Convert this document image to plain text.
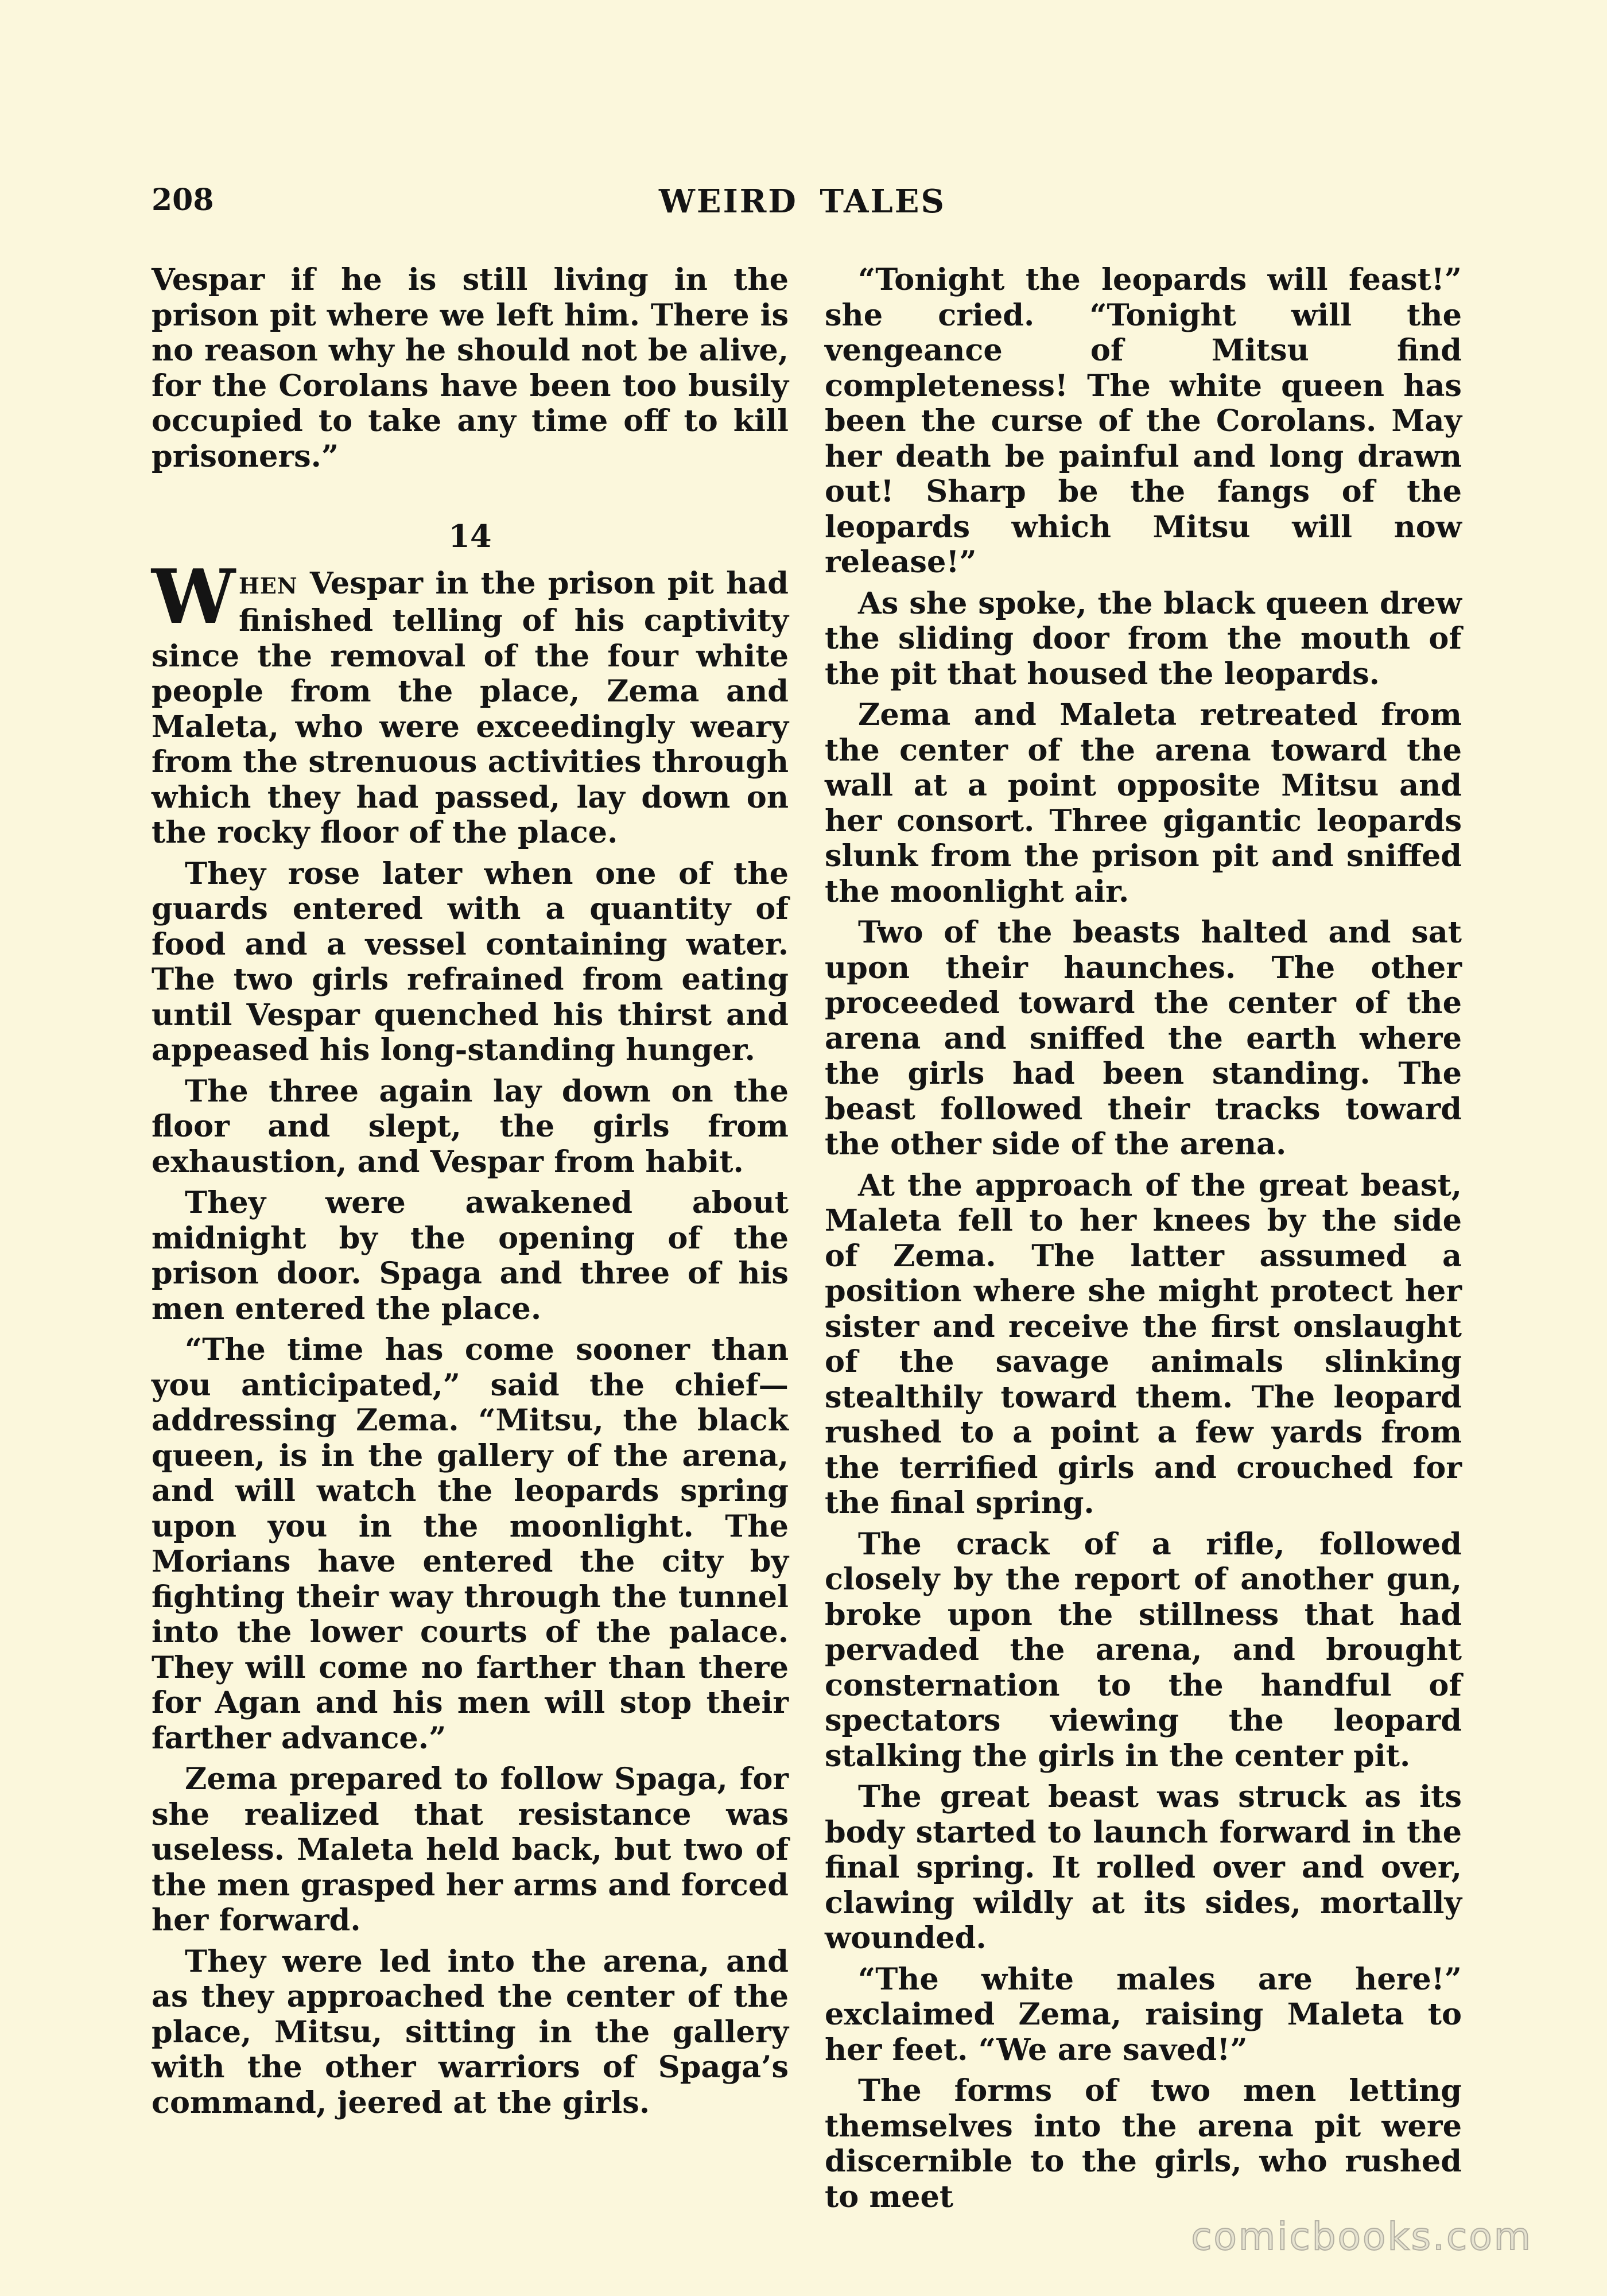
208	WEIRD TALES

Vespar if he is still living in the prison pit where we left him. There is no reason why he should not be alive, for the Corolans have been too busily occupied to take any time off to kill prisoners.”

14

WHEN Vespar in the prison pit had finished telling of his captivity since the removal of the four white people from the place, Zema and Maleta, who were exceedingly weary from the strenuous activities through which they had passed, lay down on the rocky floor of the place.

They rose later when one of the guards entered with a quantity of food and a vessel containing water. The two girls refrained from eating until Vespar quenched his thirst and appeased his long-standing hunger.

The three again lay down on the floor and slept, the girls from exhaustion, and Vespar from habit.

They were awakened about midnight by the opening of the prison door. Spaga and three of his men entered the place.

“The time has come sooner than you anticipated,” said the chief—addressing Zema. “Mitsu, the black queen, is in the gallery of the arena, and will watch the leopards spring upon you in the moonlight. The Morians have entered the city by fighting their way through the tunnel into the lower courts of the palace. They will come no farther than there for Agan and his men will stop their farther advance.”

Zema prepared to follow Spaga, for she realized that resistance was useless. Maleta held back, but two of the men grasped her arms and forced her forward.

They were led into the arena, and as they approached the center of the place, Mitsu, sitting in the gallery with the other warriors of Spaga’s command, jeered at the girls.

“Tonight the leopards will feast!” she cried. “Tonight will the vengeance of Mitsu find completeness! The white queen has been the curse of the Corolans. May her death be painful and long drawn out! Sharp be the fangs of the leopards which Mitsu will now release!”

As she spoke, the black queen drew the sliding door from the mouth of the pit that housed the leopards.

Zema and Maleta retreated from the center of the arena toward the wall at a point opposite Mitsu and her consort. Three gigantic leopards slunk from the prison pit and sniffed the moonlight air.

Two of the beasts halted and sat upon their haunches. The other proceeded toward the center of the arena and sniffed the earth where the girls had been standing. The beast followed their tracks toward the other side of the arena.

At the approach of the great beast, Maleta fell to her knees by the side of Zema. The latter assumed a position where she might protect her sister and receive the first onslaught of the savage animals slinking stealthily toward them. The leopard rushed to a point a few yards from the terrified girls and crouched for the final spring.

The crack of a rifle, followed closely by the report of another gun, broke upon the stillness that had pervaded the arena, and brought consternation to the handful of spectators viewing the leopard stalking the girls in the center pit.

The great beast was struck as its body started to launch forward in the final spring. It rolled over and over, clawing wildly at its sides, mortally wounded.

“The white males are here!” exclaimed Zema, raising Maleta to her feet. “We are saved!”

The forms of two men letting themselves into the arena pit were discernible to the girls, who rushed to meet

comicbooks.com
